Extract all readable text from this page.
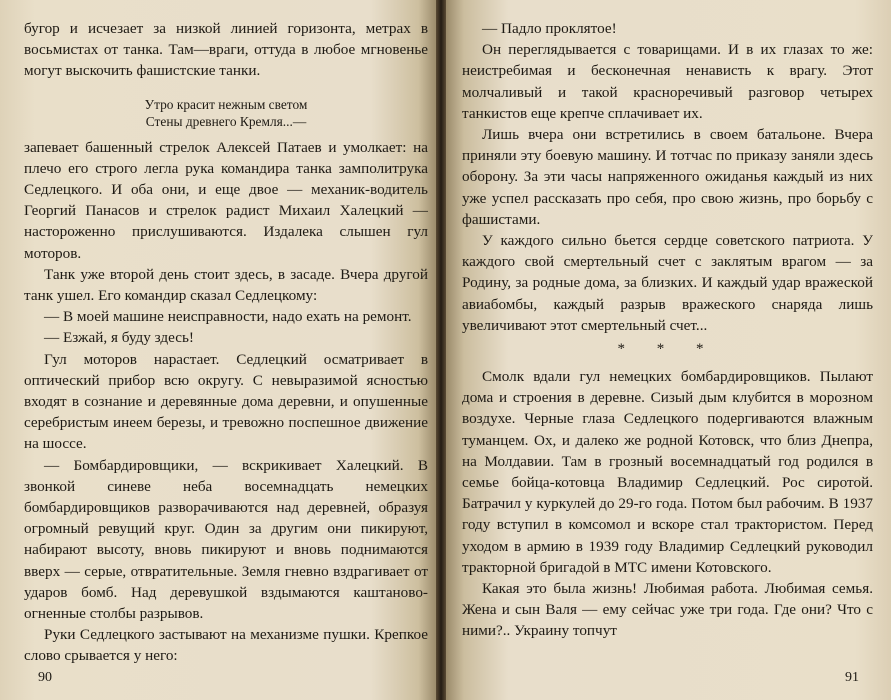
бугор и исчезает за низкой линией горизонта, метрах в восьмистах от танка. Там—враги, оттуда в любое мгновенье могут выскочить фашистские танки.

Утро красит нежным светом
Стены древнего Кремля...—

запевает башенный стрелок Алексей Патаев и умолкает: на плечо его строго легла рука командира танка замполитрука Седлецкого. И оба они, и еще двое — механик-водитель Георгий Панасов и стрелок радист Михаил Халецкий — настороженно прислушиваются. Издалека слышен гул моторов.

Танк уже второй день стоит здесь, в засаде. Вчера другой танк ушел. Его командир сказал Седлецкому:

— В моей машине неисправности, надо ехать на ремонт.

— Езжай, я буду здесь!

Гул моторов нарастает. Седлецкий осматривает в оптический прибор всю округу. С невыразимой ясностью входят в сознание и деревянные дома деревни, и опушенные серебристым инеем березы, и тревожно поспешное движение на шоссе.

— Бомбардировщики, — вскрикивает Халецкий. В звонкой синеве неба восемнадцать немецких бомбардировщиков разворачиваются над деревней, образуя огромный ревущий круг. Один за другим они пикируют, набирают высоту, вновь пикируют и вновь поднимаются вверх — серые, отвратительные. Земля гневно вздрагивает от ударов бомб. Над деревушкой вздымаются каштаново-огненные столбы разрывов.

Руки Седлецкого застывают на механизме пушки. Крепкое слово срывается у него:

90

— Падло проклятое!

Он переглядывается с товарищами. И в их глазах то же: неистребимая и бесконечная ненависть к врагу. Этот молчаливый и такой красноречивый разговор четырех танкистов еще крепче сплачивает их.

Лишь вчера они встретились в своем батальоне. Вчера приняли эту боевую машину. И тотчас по приказу заняли здесь оборону. За эти часы напряженного ожиданья каждый из них уже успел рассказать про себя, про свою жизнь, про борьбу с фашистами.

У каждого сильно бьется сердце советского патриота. У каждого свой смертельный счет с заклятым врагом — за Родину, за родные дома, за близких. И каждый удар вражеской авиабомбы, каждый разрыв вражеского снаряда лишь увеличивают этот смертельный счет...

* * *

Смолк вдали гул немецких бомбардировщиков. Пылают дома и строения в деревне. Сизый дым клубится в морозном воздухе. Черные глаза Седлецкого подергиваются влажным туманцем. Ох, и далеко же родной Котовск, что близ Днепра, на Молдавии. Там в грозный восемнадцатый год родился в семье бойца-котовца Владимир Седлецкий. Рос сиротой. Батрачил у куркулей до 29-го года. Потом был рабочим. В 1937 году вступил в комсомол и вскоре стал трактористом. Перед уходом в армию в 1939 году Владимир Седлецкий руководил тракторной бригадой в МТС имени Котовского.

Какая это была жизнь! Любимая работа. Любимая семья. Жена и сын Валя — ему сейчас уже три года. Где они? Что с ними?.. Украину топчут

91
